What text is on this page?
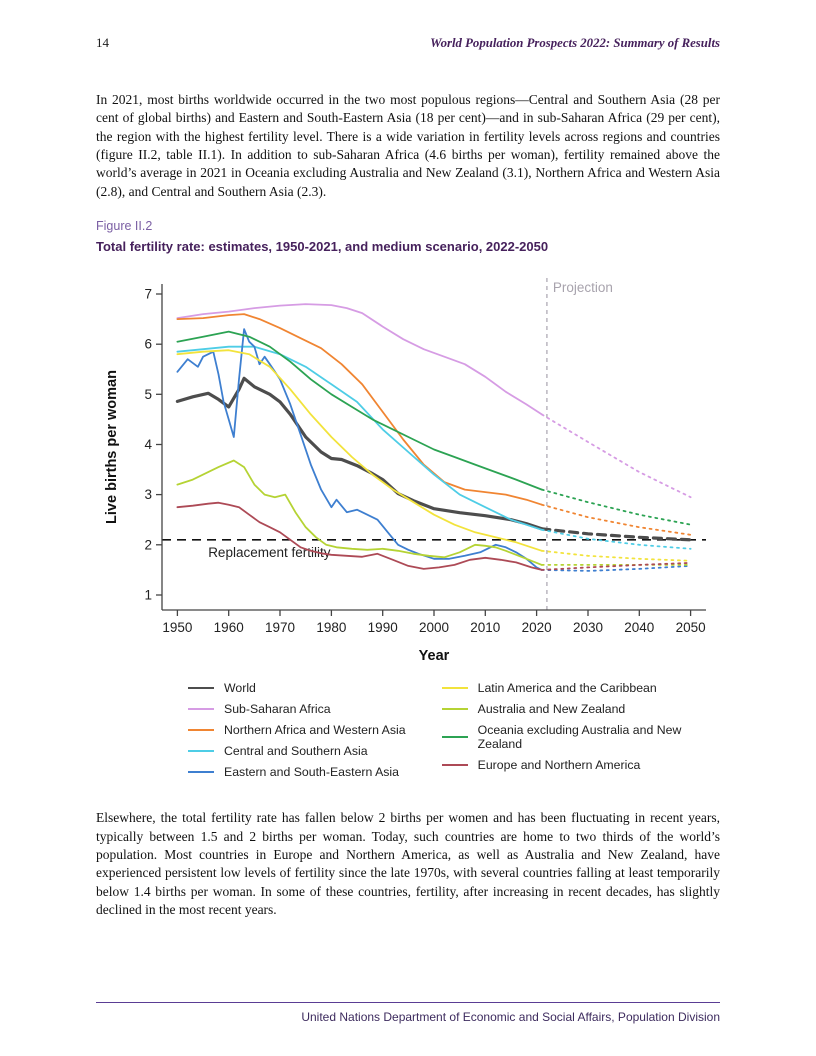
14	World Population Prospects 2022: Summary of Results

In 2021, most births worldwide occurred in the two most populous regions—Central and Southern Asia (28 per cent of global births) and Eastern and South-Eastern Asia (18 per cent)—and in sub-Saharan Africa (29 per cent), the region with the highest fertility level. There is a wide variation in fertility levels across regions and countries (figure II.2, table II.1). In addition to sub-Saharan Africa (4.6 births per woman), fertility remained above the world’s average in 2021 in Oceania excluding Australia and New Zealand (3.1), Northern Africa and Western Asia (2.8), and Central and Southern Asia (2.3).

Figure II.2
Total fertility rate: estimates, 1950-2021, and medium scenario, 2022-2050
Projection
Replacement fertility
1
2
3
4
5
6
7
1950 1960 1970 1980 1990 2000 2010 2020 2030 2040 2050
Year
Live births per woman
World
Sub-Saharan Africa
Northern Africa and Western Asia
Central and Southern Asia
Eastern and South-Eastern Asia
Latin America and the Caribbean
Australia and New Zealand
Oceania excluding Australia and New Zealand
Europe and Northern America

Elsewhere, the total fertility rate has fallen below 2 births per women and has been fluctuating in recent years, typically between 1.5 and 2 births per woman. Today, such countries are home to two thirds of the world’s population. Most countries in Europe and Northern America, as well as Australia and New Zealand, have experienced persistent low levels of fertility since the late 1970s, with several countries falling at least temporarily below 1.4 births per woman. In some of these countries, fertility, after increasing in recent decades, has slightly declined in the most recent years.

United Nations Department of Economic and Social Affairs, Population Division
